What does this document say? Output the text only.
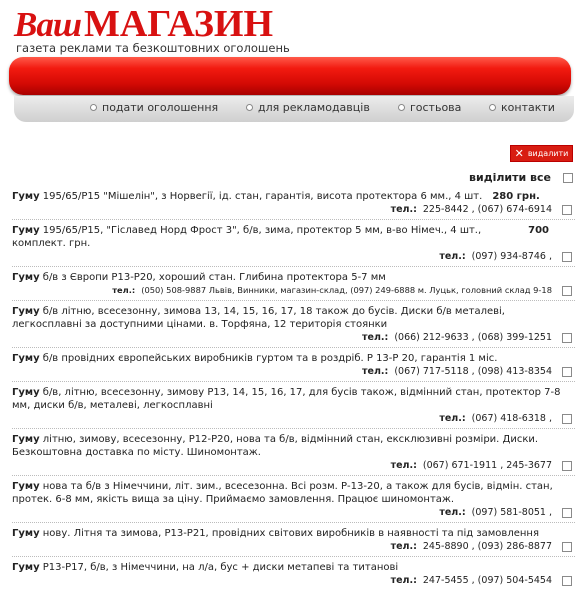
ВашМАГАЗИН
газета реклами та безкоштовних оголошень
подати оголошення	для рекламодавців	гостьова	контакти
✕ видалити
виділити все
Гуму 195/65/P15 "Мішелін", з Норвегії, ід. стан, гарантія, висота протектора 6 мм., 4 шт. 280 грн.
тел.: 225-8442 , (067) 674-6914
Гуму 195/65/P15, "Гіславед Норд Фрост 3", б/в, зима, протектор 5 мм, в-во Німеч., 4 шт., комплект. грн.
700
тел.: (097) 934-8746 ,
Гуму б/в з Європи Р13-Р20, хороший стан. Глибина протектора 5-7 мм
тел.: (050) 508-9887 Львів, Винники, магазин-склад, (097) 249-6888 м. Луцьк, головний склад 9-18
Гуму б/в літню, всесезонну, зимова 13, 14, 15, 16, 17, 18 також до бусів. Диски б/в металеві, легкосплавні за доступними цінами. в. Торфяна, 12 територія стоянки
тел.: (066) 212-9633 , (068) 399-1251
Гуму б/в провідних європейських виробників гуртом та в роздріб. Р 13-Р 20, гарантія 1 міс.
тел.: (067) 717-5118 , (098) 413-8354
Гуму б/в, літню, всесезонну, зимову Р13, 14, 15, 16, 17, для бусів також, відмінний стан, протектор 7-8 мм, диски б/в, металеві, легкосплавні
тел.: (067) 418-6318 ,
Гуму літню, зимову, всесезонну, Р12-Р20, нова та б/в, відмінний стан, ексклюзивні розміри. Диски. Безкоштовна доставка по місту. Шиномонтаж.
тел.: (067) 671-1911 , 245-3677
Гуму нова та б/в з Німеччини, літ. зим., всесезонна. Всі розм. Р-13-20, а також для бусів, відмін. стан, протек. 6-8 мм, якість вища за ціну. Приймаємо замовлення. Працює шиномонтаж.
тел.: (097) 581-8051 ,
Гуму нову. Літня та зимова, Р13-Р21, провідних світових виробників в наявності та під замовлення
тел.: 245-8890 , (093) 286-8877
Гуму Р13-Р17, б/в, з Німеччини, на л/а, бус + диски метапеві та титанові
тел.: 247-5455 , (097) 504-5454
